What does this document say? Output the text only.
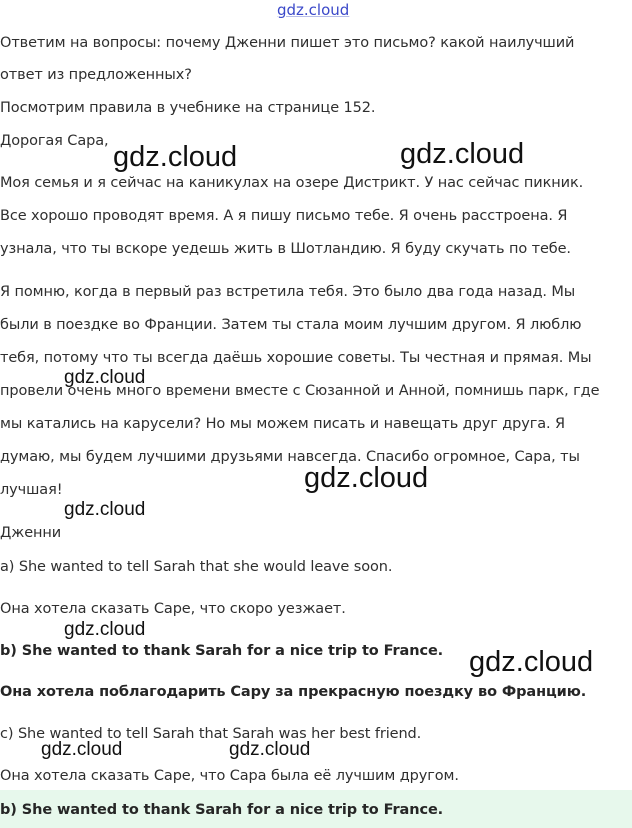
gdz.cloud
Ответим на вопросы: почему Дженни пишет это письмо? какой наилучший
ответ из предложенных?
Посмотрим правила в учебнике на странице 152.
Дорогая Сара,
Моя семья и я сейчас на каникулах на озере Дистрикт. У нас сейчас пикник.
Все хорошо проводят время. А я пишу письмо тебе. Я очень расстроена. Я
узнала, что ты вскоре уедешь жить в Шотландию. Я буду скучать по тебе.
Я помню, когда в первый раз встретила тебя. Это было два года назад. Мы
были в поездке во Франции. Затем ты стала моим лучшим другом. Я люблю
тебя, потому что ты всегда даёшь хорошие советы. Ты честная и прямая. Мы
провели очень много времени вместе с Сюзанной и Анной, помнишь парк, где
мы катались на карусели? Но мы можем писать и навещать друг друга. Я
думаю, мы будем лучшими друзьями навсегда. Спасибо огромное, Сара, ты
лучшая!
Дженни
a) She wanted to tell Sarah that she would leave soon.
Она хотела сказать Саре, что скоро уезжает.
b) She wanted to thank Sarah for a nice trip to France.
Она хотела поблагодарить Сару за прекрасную поездку во Францию.
c) She wanted to tell Sarah that Sarah was her best friend.
Она хотела сказать Саре, что Сара была её лучшим другом.
b) She wanted to thank Sarah for a nice trip to France.
gdz.cloud	gdz.cloud
gdz.cloud
gdz.cloud
gdz.cloud
gdz.cloud
gdz.cloud
gdz.cloud	gdz.cloud
